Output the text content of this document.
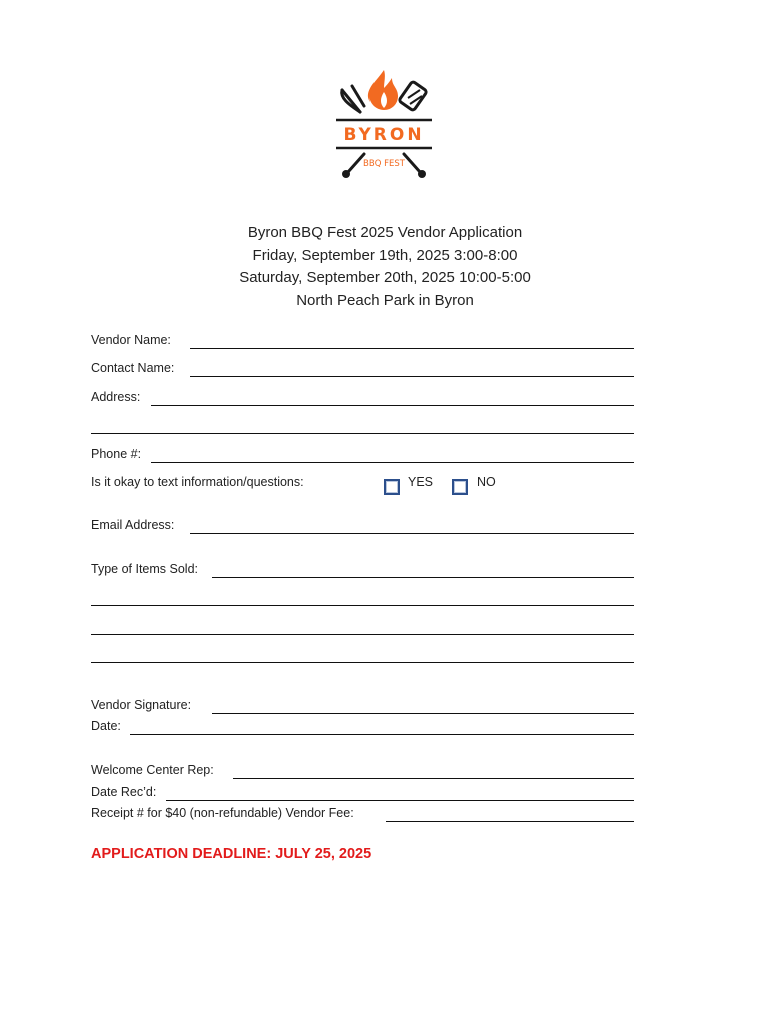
BYRON
BBQ FEST
Byron BBQ Fest 2025 Vendor Application
Friday, September 19th, 2025 3:00-8:00
Saturday, September 20th, 2025 10:00-5:00
North Peach Park in Byron
Vendor Name:
Contact Name:
Address:
Phone #:
Is it okay to text information/questions:	YES	NO
Email Address:
Type of Items Sold:
Vendor Signature:
Date:
Welcome Center Rep:
Date Rec’d:
Receipt # for $40 (non-refundable) Vendor Fee:
APPLICATION DEADLINE: JULY 25, 2025
